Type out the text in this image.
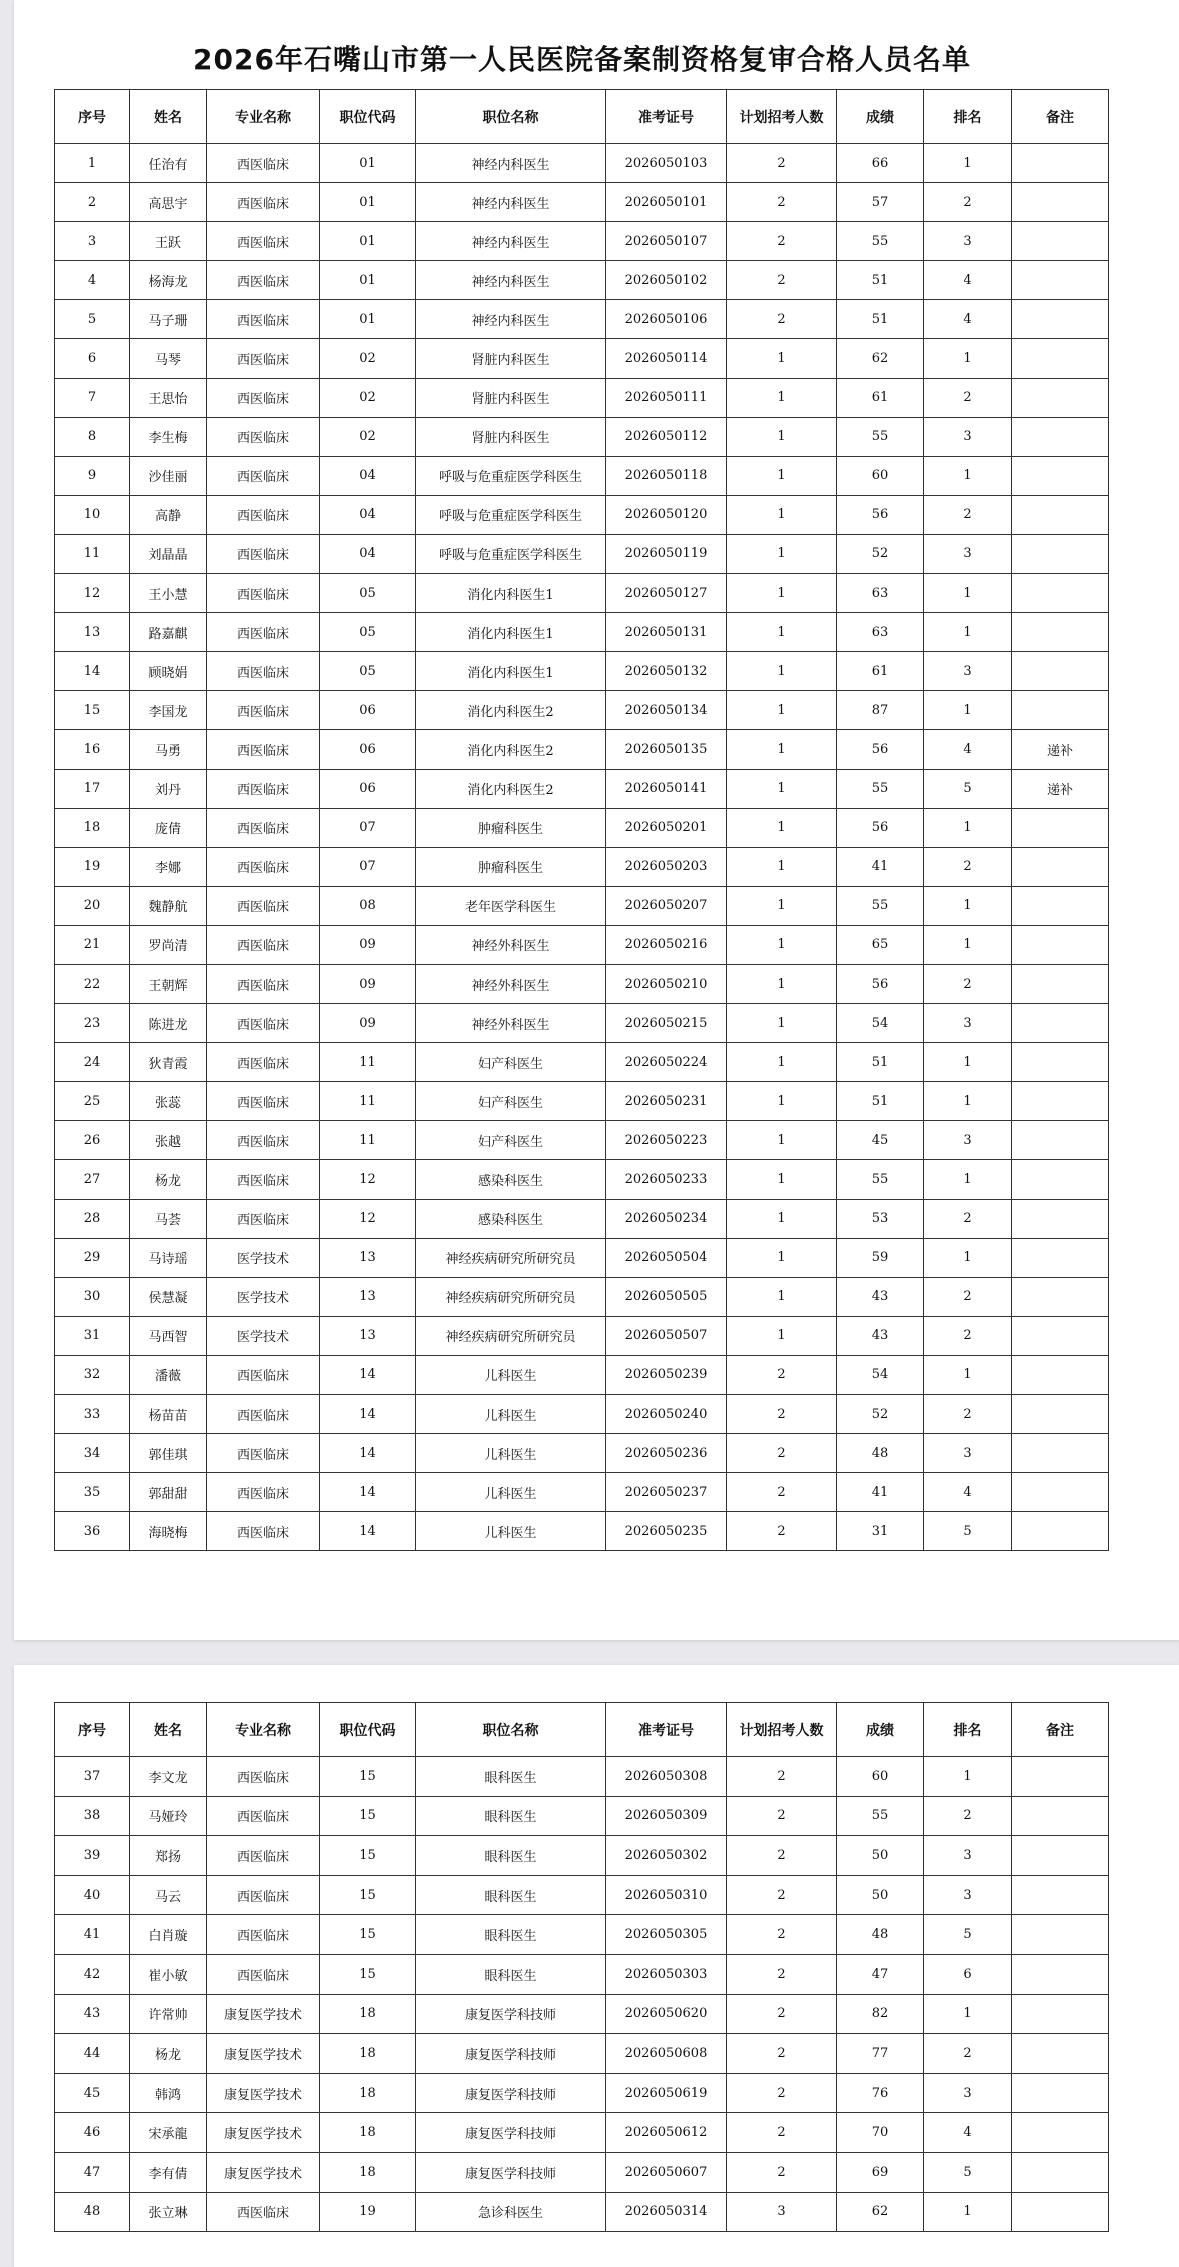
2026年石嘴山市第一人民医院备案制资格复审合格人员名单
序号	姓名	专业名称	职位代码	职位名称	准考证号	计划招考人数	成绩	排名	备注
1	任治有	西医临床	01	神经内科医生	2026050103	2	66	1	
2	高思宇	西医临床	01	神经内科医生	2026050101	2	57	2	
3	王跃	西医临床	01	神经内科医生	2026050107	2	55	3	
4	杨海龙	西医临床	01	神经内科医生	2026050102	2	51	4	
5	马子珊	西医临床	01	神经内科医生	2026050106	2	51	4	
6	马琴	西医临床	02	肾脏内科医生	2026050114	1	62	1	
7	王思怡	西医临床	02	肾脏内科医生	2026050111	1	61	2	
8	李生梅	西医临床	02	肾脏内科医生	2026050112	1	55	3	
9	沙佳丽	西医临床	04	呼吸与危重症医学科医生	2026050118	1	60	1	
10	高静	西医临床	04	呼吸与危重症医学科医生	2026050120	1	56	2	
11	刘晶晶	西医临床	04	呼吸与危重症医学科医生	2026050119	1	52	3	
12	王小慧	西医临床	05	消化内科医生1	2026050127	1	63	1	
13	路嘉麒	西医临床	05	消化内科医生1	2026050131	1	63	1	
14	顾晓娟	西医临床	05	消化内科医生1	2026050132	1	61	3	
15	李国龙	西医临床	06	消化内科医生2	2026050134	1	87	1	
16	马勇	西医临床	06	消化内科医生2	2026050135	1	56	4	递补
17	刘丹	西医临床	06	消化内科医生2	2026050141	1	55	5	递补
18	庞倩	西医临床	07	肿瘤科医生	2026050201	1	56	1	
19	李娜	西医临床	07	肿瘤科医生	2026050203	1	41	2	
20	魏静航	西医临床	08	老年医学科医生	2026050207	1	55	1	
21	罗尚清	西医临床	09	神经外科医生	2026050216	1	65	1	
22	王朝辉	西医临床	09	神经外科医生	2026050210	1	56	2	
23	陈进龙	西医临床	09	神经外科医生	2026050215	1	54	3	
24	狄青霞	西医临床	11	妇产科医生	2026050224	1	51	1	
25	张蕊	西医临床	11	妇产科医生	2026050231	1	51	1	
26	张越	西医临床	11	妇产科医生	2026050223	1	45	3	
27	杨龙	西医临床	12	感染科医生	2026050233	1	55	1	
28	马荟	西医临床	12	感染科医生	2026050234	1	53	2	
29	马诗瑶	医学技术	13	神经疾病研究所研究员	2026050504	1	59	1	
30	侯慧凝	医学技术	13	神经疾病研究所研究员	2026050505	1	43	2	
31	马西智	医学技术	13	神经疾病研究所研究员	2026050507	1	43	2	
32	潘薇	西医临床	14	儿科医生	2026050239	2	54	1	
33	杨苗苗	西医临床	14	儿科医生	2026050240	2	52	2	
34	郭佳琪	西医临床	14	儿科医生	2026050236	2	48	3	
35	郭甜甜	西医临床	14	儿科医生	2026050237	2	41	4	
36	海晓梅	西医临床	14	儿科医生	2026050235	2	31	5	
序号	姓名	专业名称	职位代码	职位名称	准考证号	计划招考人数	成绩	排名	备注
37	李文龙	西医临床	15	眼科医生	2026050308	2	60	1	
38	马娅玲	西医临床	15	眼科医生	2026050309	2	55	2	
39	郑扬	西医临床	15	眼科医生	2026050302	2	50	3	
40	马云	西医临床	15	眼科医生	2026050310	2	50	3	
41	白肖璇	西医临床	15	眼科医生	2026050305	2	48	5	
42	崔小敏	西医临床	15	眼科医生	2026050303	2	47	6	
43	许常帅	康复医学技术	18	康复医学科技师	2026050620	2	82	1	
44	杨龙	康复医学技术	18	康复医学科技师	2026050608	2	77	2	
45	韩鸿	康复医学技术	18	康复医学科技师	2026050619	2	76	3	
46	宋承龍	康复医学技术	18	康复医学科技师	2026050612	2	70	4	
47	李有倩	康复医学技术	18	康复医学科技师	2026050607	2	69	5	
48	张立琳	西医临床	19	急诊科医生	2026050314	3	62	1	
